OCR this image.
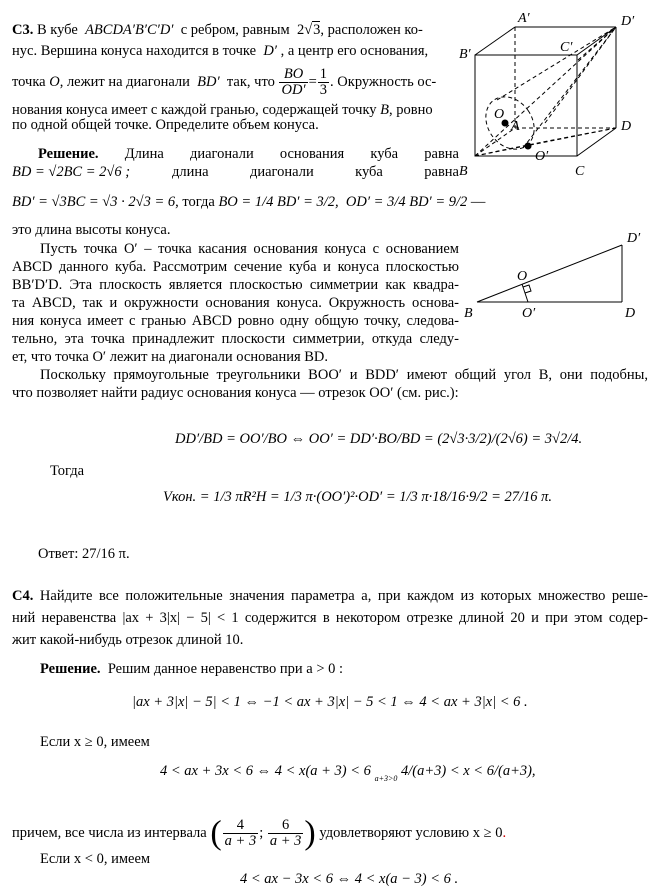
С3. В кубе ABCDA′B′C′D′ с ребром, равным 2√3, расположен ко-
нус. Вершина конуса находится в точке D′ , а центр его основания,
точка O, лежит на диагонали BD′ так, что $\frac{BO}{OD'} = \frac{1}{3}$ . Окружность ос-
нования конуса имеет с каждой гранью, содержащей точку B, ровно
по одной общей точке. Определите объем конуса.
A′	D′
B′	C′
O
A	D
O′
B	C
Решение. Длина диагонали основания куба равна
BD = √2BC = 2√6 ;	длина диагонали куба равна
BD′ = √3BC = √3 · 2√3 = 6, тогда BO = 1/4 BD′ = 3/2, OD′ = 3/4 BD′ = 9/2 —
это длина высоты конуса.
Пусть точка O′ – точка касания основания конуса с основанием
ABCD данного куба. Рассмотрим сечение куба и конуса плоскостью
BB′D′D. Эта плоскость является плоскостью симметрии как квадра-
та ABCD, так и окружности основания конуса. Окружность основа-
ния конуса имеет с гранью ABCD ровно одну общую точку, следова-
тельно, эта точка принадлежит плоскости симметрии, откуда следу-
ет, что точка O′ лежит на диагонали основания BD.
D′
O
B	O′	D
Поскольку прямоугольные треугольники BOO′ и BDD′ имеют общий угол B, они подобны,
что позволяет найти радиус основания конуса — отрезок OO′ (см. рис.):
DD′/BD = OO′/BO ⇔ OO′ = DD′·BO/BD = (2√3·3/2)/(2√6) = 3√2/4.
Тогда
Vкон. = 1/3 πR²H = 1/3 π·(OO′)²·OD′ = 1/3 π·18/16·9/2 = 27/16 π.
Ответ: 27/16 π.
С4. Найдите все положительные значения параметра a, при каждом из которых множество реше-
ний неравенства |ax + 3|x| − 5| < 1 содержится в некотором отрезке длиной 20 и при этом содер-
жит какой-нибудь отрезок длиной 10.
Решение. Решим данное неравенство при a > 0 :
|ax + 3|x| − 5| < 1 ⇔ −1 < ax + 3|x| − 5 < 1 ⇔ 4 < ax + 3|x| < 6 .
Если x ≥ 0, имеем
4 < ax + 3x < 6 ⇔ 4 < x(a + 3) < 6 $_{a+3>0}$ 4/(a+3) < x < 6/(a+3),
причем, все числа из интервала ( $\frac{4}{a + 3}$ ; $\frac{6}{a + 3}$ ) удовлетворяют условию x ≥ 0.
Если x < 0, имеем
4 < ax − 3x < 6 ⇔ 4 < x(a − 3) < 6 .
